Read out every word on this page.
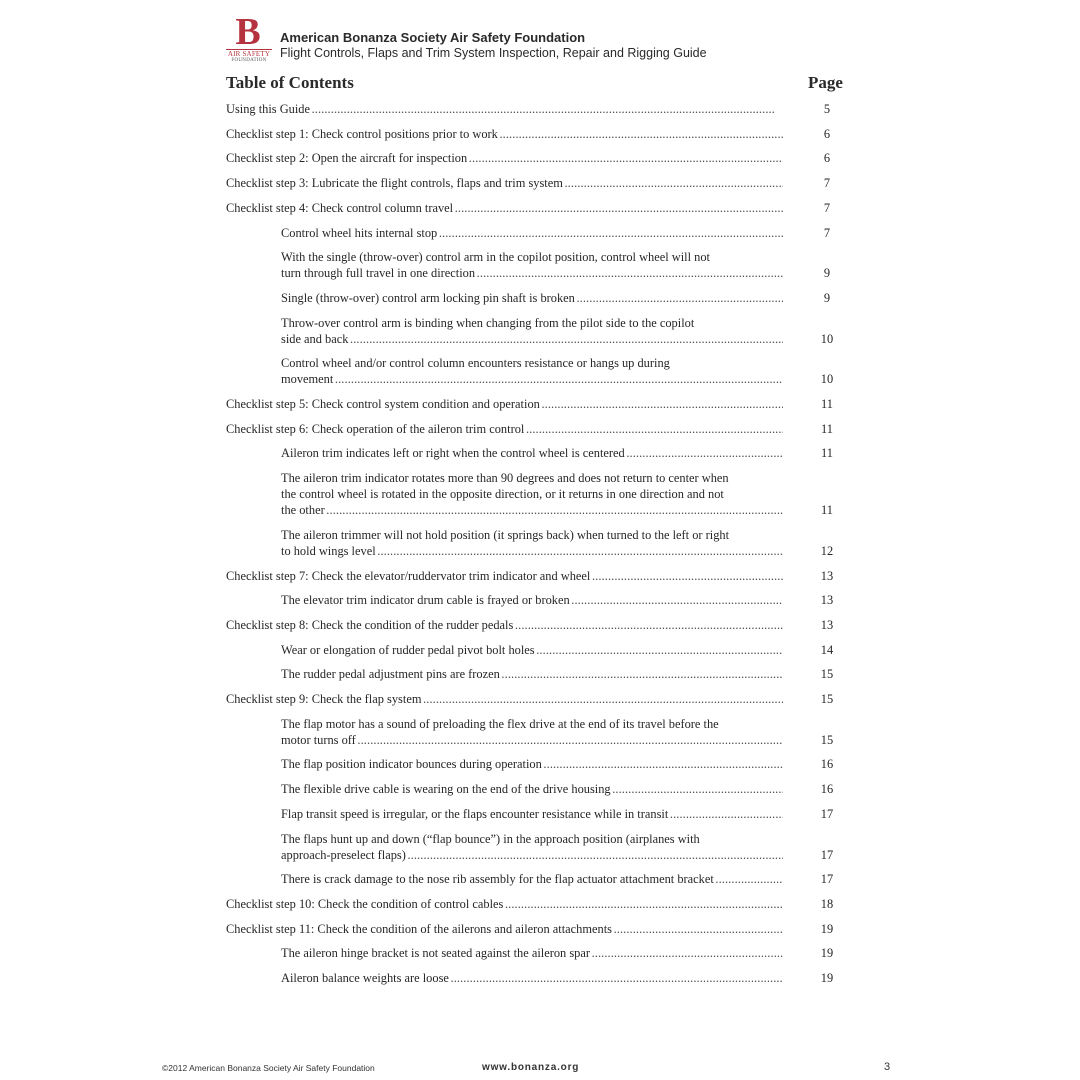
B
AIR SAFETY
FOUNDATION
American Bonanza Society Air Safety Foundation
Flight Controls, Flaps and Trim System Inspection, Repair and Rigging Guide
Table of Contents	Page
Using this Guide . . .	5
Checklist step 1: Check control positions prior to work . . .	6
Checklist step 2: Open the aircraft for inspection . . .	6
Checklist step 3: Lubricate the flight controls, flaps and trim system . . .	7
Checklist step 4: Check control column travel . . .	7
Control wheel hits internal stop . . .	7
With the single (throw-over) control arm in the copilot position, control wheel will not
turn through full travel in one direction . . .	9
Single (throw-over) control arm locking pin shaft is broken . . .	9
Throw-over control arm is binding when changing from the pilot side to the copilot
side and back . . .	10
Control wheel and/or control column encounters resistance or hangs up during
movement . . .	10
Checklist step 5: Check control system condition and operation . . .	11
Checklist step 6: Check operation of the aileron trim control . . .	11
Aileron trim indicates left or right when the control wheel is centered . . .	11
The aileron trim indicator rotates more than 90 degrees and does not return to center when
the control wheel is rotated in the opposite direction, or it returns in one direction and not
the other . . .	11
The aileron trimmer will not hold position (it springs back) when turned to the left or right
to hold wings level . . .	12
Checklist step 7: Check the elevator/ruddervator trim indicator and wheel . . .	13
The elevator trim indicator drum cable is frayed or broken . . .	13
Checklist step 8: Check the condition of the rudder pedals . . .	13
Wear or elongation of rudder pedal pivot bolt holes . . .	14
The rudder pedal adjustment pins are frozen . . .	15
Checklist step 9: Check the flap system . . .	15
The flap motor has a sound of preloading the flex drive at the end of its travel before the
motor turns off . . .	15
The flap position indicator bounces during operation . . .	16
The flexible drive cable is wearing on the end of the drive housing . . .	16
Flap transit speed is irregular, or the flaps encounter resistance while in transit . . .	17
The flaps hunt up and down (“flap bounce”) in the approach position (airplanes with
approach-preselect flaps) . . .	17
There is crack damage to the nose rib assembly for the flap actuator attachment bracket . . .	17
Checklist step 10: Check the condition of control cables . . .	18
Checklist step 11: Check the condition of the ailerons and aileron attachments . . .	19
The aileron hinge bracket is not seated against the aileron spar . . .	19
Aileron balance weights are loose . . .	19
©2012 American Bonanza Society Air Safety Foundation	www.bonanza.org	3
